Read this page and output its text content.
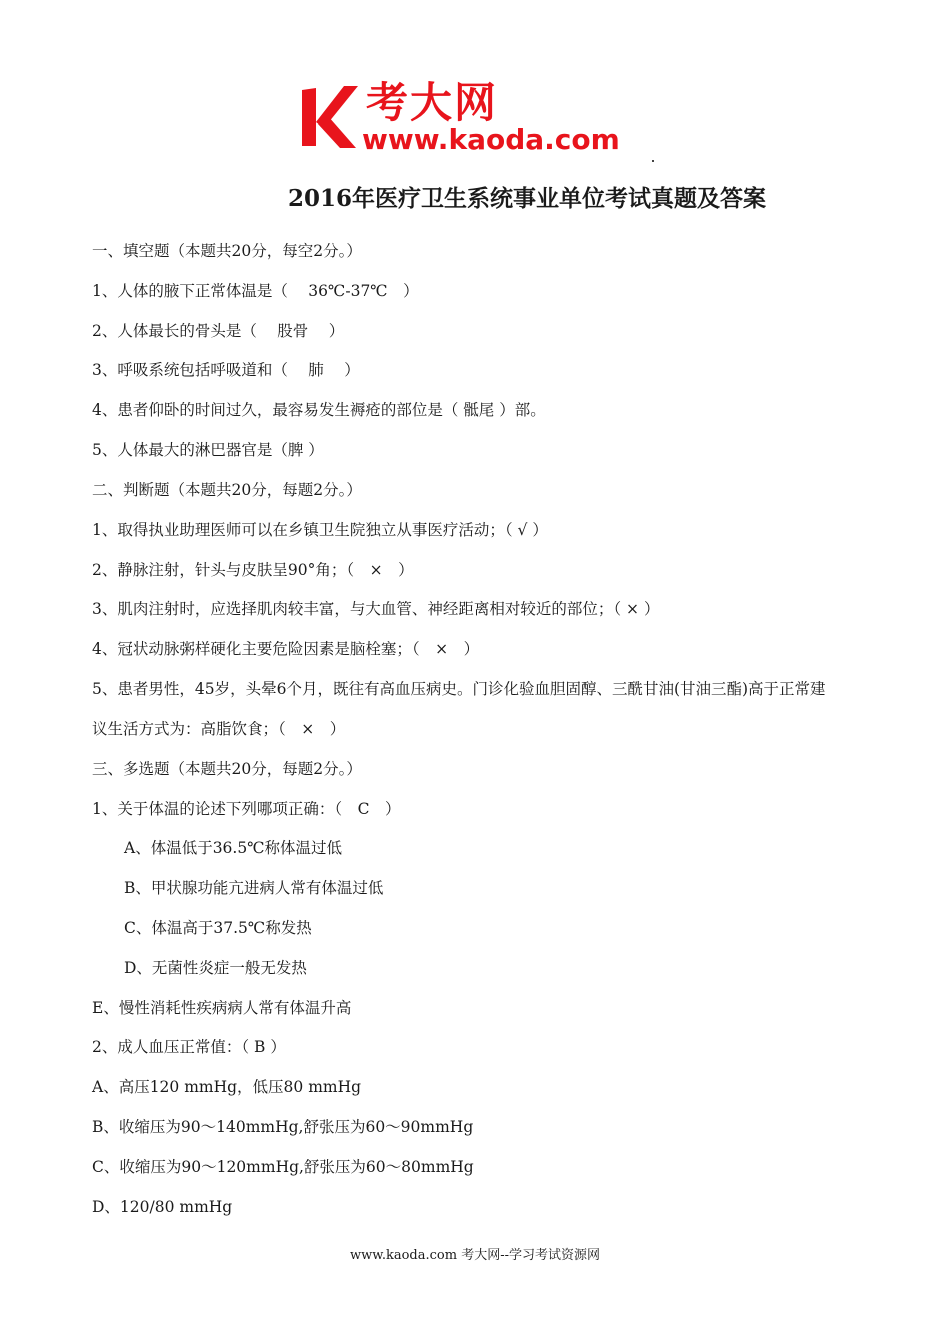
考大网
www.kaoda.com
2016年医疗卫生系统事业单位考试真题及答案
一、填空题（本题共20分，每空2分。）
1、人体的腋下正常体温是（　 36℃-37℃　）
2、人体最长的骨头是（　 股骨　 ）
3、呼吸系统包括呼吸道和（　 肺　 ）
4、患者仰卧的时间过久，最容易发生褥疮的部位是（ 骶尾 ）部。
5、人体最大的淋巴器官是（脾 ）
二、判断题（本题共20分，每题2分。）
1、取得执业助理医师可以在乡镇卫生院独立从事医疗活动；（ √ ）
2、静脉注射，针头与皮肤呈90°角；（　×　）
3、肌肉注射时，应选择肌肉较丰富，与大血管、神经距离相对较近的部位；（ × ）
4、冠状动脉粥样硬化主要危险因素是脑栓塞；（　×　）
5、患者男性，45岁，头晕6个月，既往有高血压病史。门诊化验血胆固醇、三酰甘油(甘油三酯)高于正常建
议生活方式为：高脂饮食；（　×　）
三、多选题（本题共20分，每题2分。）
1、关于体温的论述下列哪项正确：（　C　）
A、体温低于36.5℃称体温过低
B、甲状腺功能亢进病人常有体温过低
C、体温高于37.5℃称发热
D、无菌性炎症一般无发热
E、慢性消耗性疾病病人常有体温升高
2、成人血压正常值：（ B ）
A、高压120 mmHg，低压80 mmHg
B、收缩压为90～140mmHg,舒张压为60～90mmHg
C、收缩压为90～120mmHg,舒张压为60～80mmHg
D、120/80 mmHg
www.kaoda.com 考大网--学习考试资源网
